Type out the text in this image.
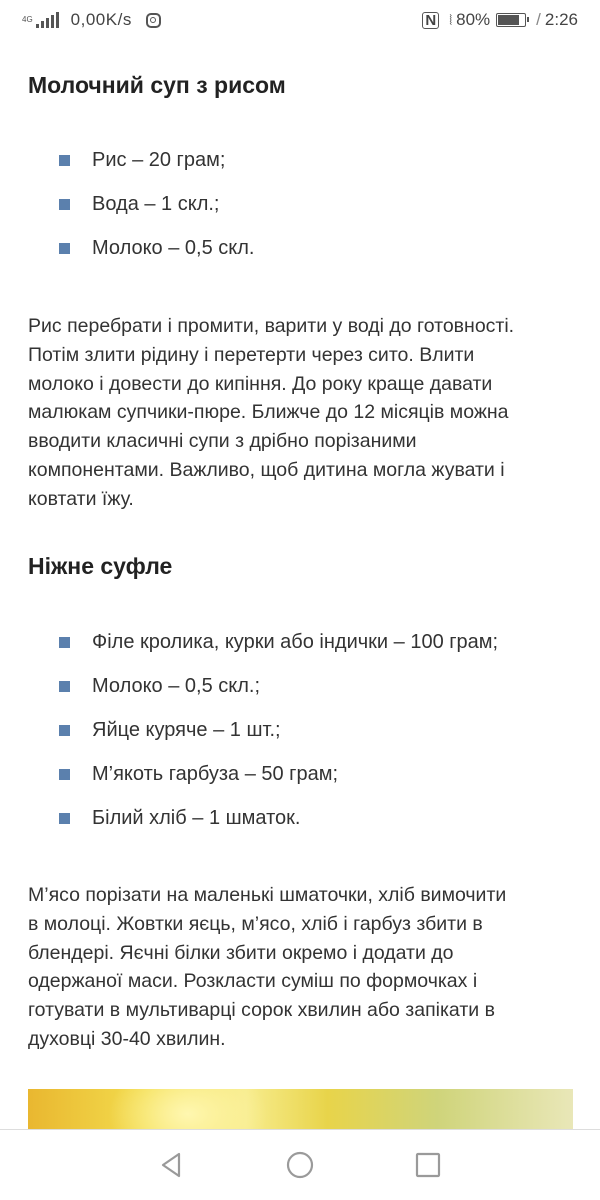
4G 0,00K/s	N ⦚ 80%	/ 2:26
Молочний суп з рисом
Рис – 20 грам;
Вода – 1 скл.;
Молоко – 0,5 скл.

Рис перебрати і промити, варити у воді до готовності.
Потім злити рідину і перетерти через сито. Влити
молоко і довести до кипіння. До року краще давати
малюкам супчики-пюре. Ближче до 12 місяців можна
вводити класичні супи з дрібно порізаними
компонентами. Важливо, щоб дитина могла жувати і
ковтати їжу.

Ніжне суфле
Філе кролика, курки або індички – 100 грам;
Молоко – 0,5 скл.;
Яйце куряче – 1 шт.;
М’якоть гарбуза – 50 грам;
Білий хліб – 1 шматок.

М’ясо порізати на маленькі шматочки, хліб вимочити
в молоці. Жовтки яєць, м’ясо, хліб і гарбуз збити в
блендері. Яєчні білки збити окремо і додати до
одержаної маси. Розкласти суміш по формочках і
готувати в мультиварці сорок хвилин або запікати в
духовці 30-40 хвилин.
